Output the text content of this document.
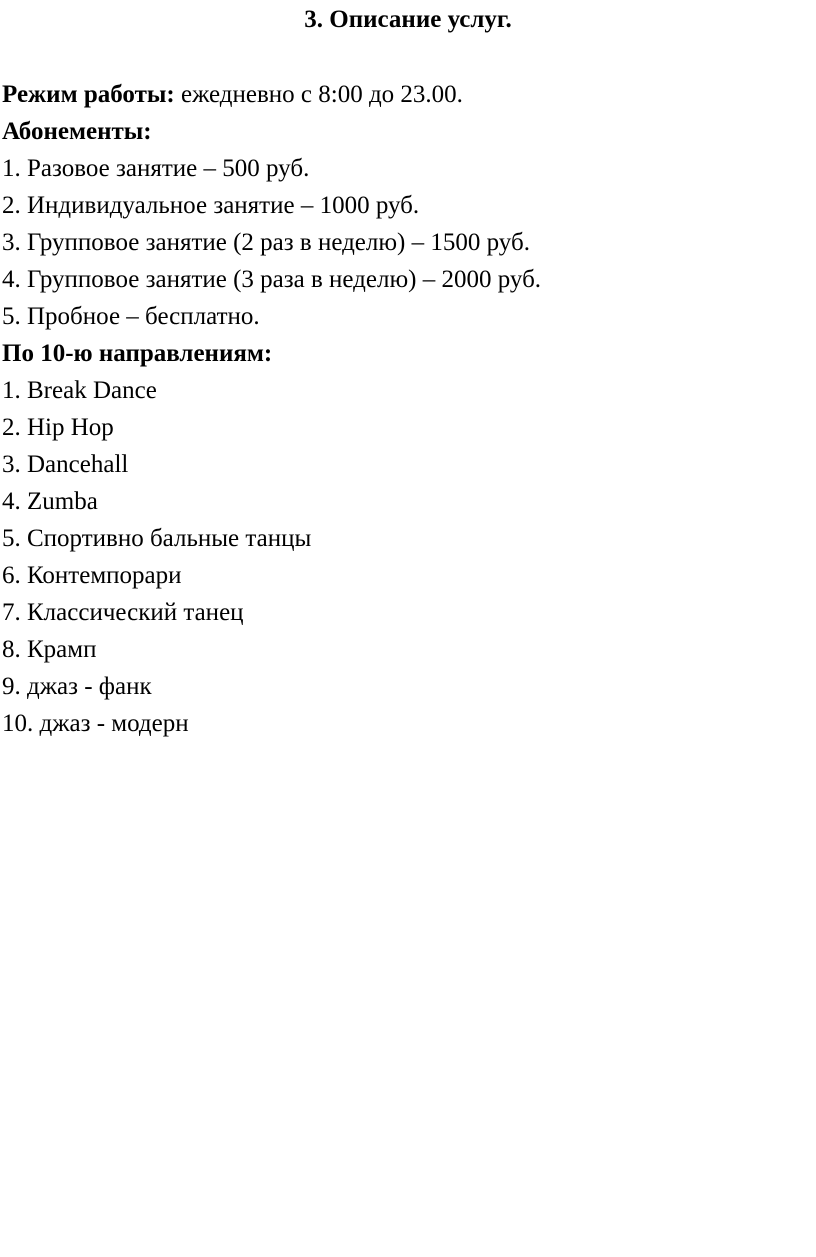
3. Описание услуг.

Режим работы: ежедневно с 8:00 до 23.00.

Абонементы:

1. Разовое занятие – 500 руб.
2. Индивидуальное занятие – 1000 руб.
3. Групповое занятие (2 раз в неделю) – 1500 руб.
4. Групповое занятие (3 раза в неделю) – 2000 руб.
5. Пробное – бесплатно.

По 10-ю направлениям:

1. Break Dance
2. Hip Hop
3. Dancehall
4. Zumba
5. Спортивно бальные танцы
6. Контемпорари
7. Классический танец
8. Крамп
9. джаз - фанк
10. джаз - модерн
